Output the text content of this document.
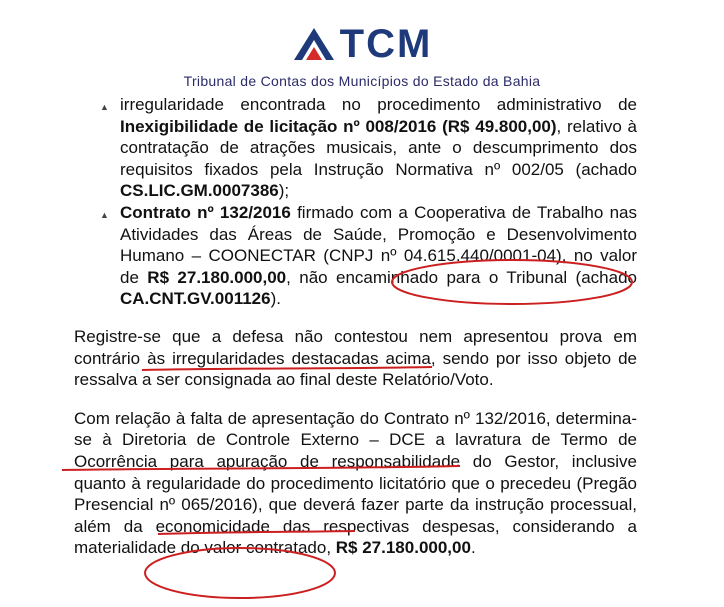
TCM
Tribunal de Contas dos Municípios do Estado da Bahia
▲ irregularidade encontrada no procedimento administrativo de Inexigibilidade de licitação nº 008/2016 (R$ 49.800,00), relativo à contratação de atrações musicais, ante o descumprimento dos requisitos fixados pela Instrução Normativa nº 002/05 (achado CS.LIC.GM.0007386);
▲ Contrato nº 132/2016 firmado com a Cooperativa de Trabalho nas Atividades das Áreas de Saúde, Promoção e Desenvolvimento Humano – COONECTAR (CNPJ nº 04.615.440/0001-04), no valor de R$ 27.180.000,00, não encaminhado para o Tribunal (achado CA.CNT.GV.001126).

Registre-se que a defesa não contestou nem apresentou prova em contrário às irregularidades destacadas acima, sendo por isso objeto de ressalva a ser consignada ao final deste Relatório/Voto.

Com relação à falta de apresentação do Contrato nº 132/2016, determina-se à Diretoria de Controle Externo – DCE a lavratura de Termo de Ocorrência para apuração de responsabilidade do Gestor, inclusive quanto à regularidade do procedimento licitatório que o precedeu (Pregão Presencial nº 065/2016), que deverá fazer parte da instrução processual, além da economicidade das respectivas despesas, considerando a materialidade do valor contratado, R$ 27.180.000,00.
